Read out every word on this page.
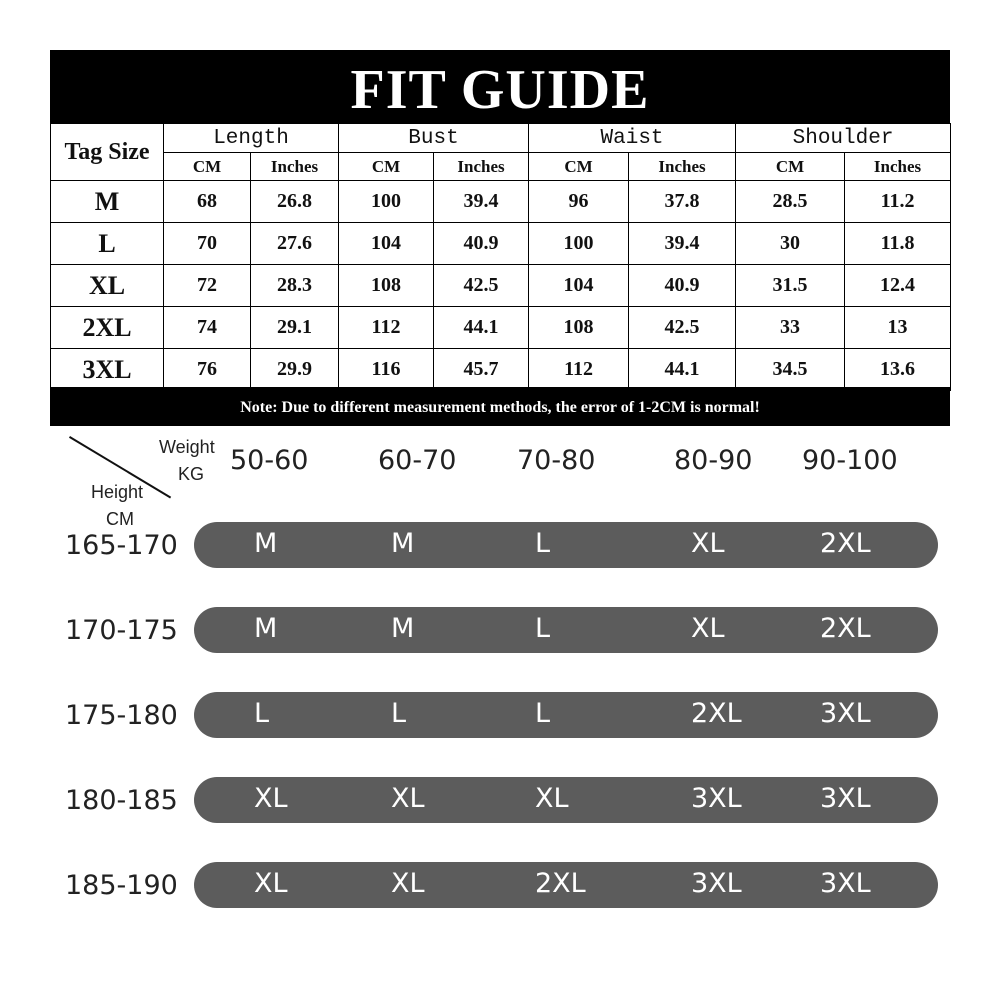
FIT GUIDE
Tag Size	Length		Bust		Waist		Shoulder	
	CM	Inches	CM	Inches	CM	Inches	CM	Inches
M	68	26.8	100	39.4	96	37.8	28.5	11.2
L	70	27.6	104	40.9	100	39.4	30	11.8
XL	72	28.3	108	42.5	104	40.9	31.5	12.4
2XL	74	29.1	112	44.1	108	42.5	33	13
3XL	76	29.9	116	45.7	112	44.1	34.5	13.6
Note: Due to different measurement methods, the error of 1-2CM is normal!
Weight
KG
Height
CM
50-60	60-70 70-80	80-90 90-100
165-170	M	M	L	XL	2XL
170-175	M	M	L	XL	2XL
175-180	L	L	L	2XL	3XL
180-185	XL	XL	XL	3XL	3XL
185-190	XL	XL	2XL	3XL	3XL
